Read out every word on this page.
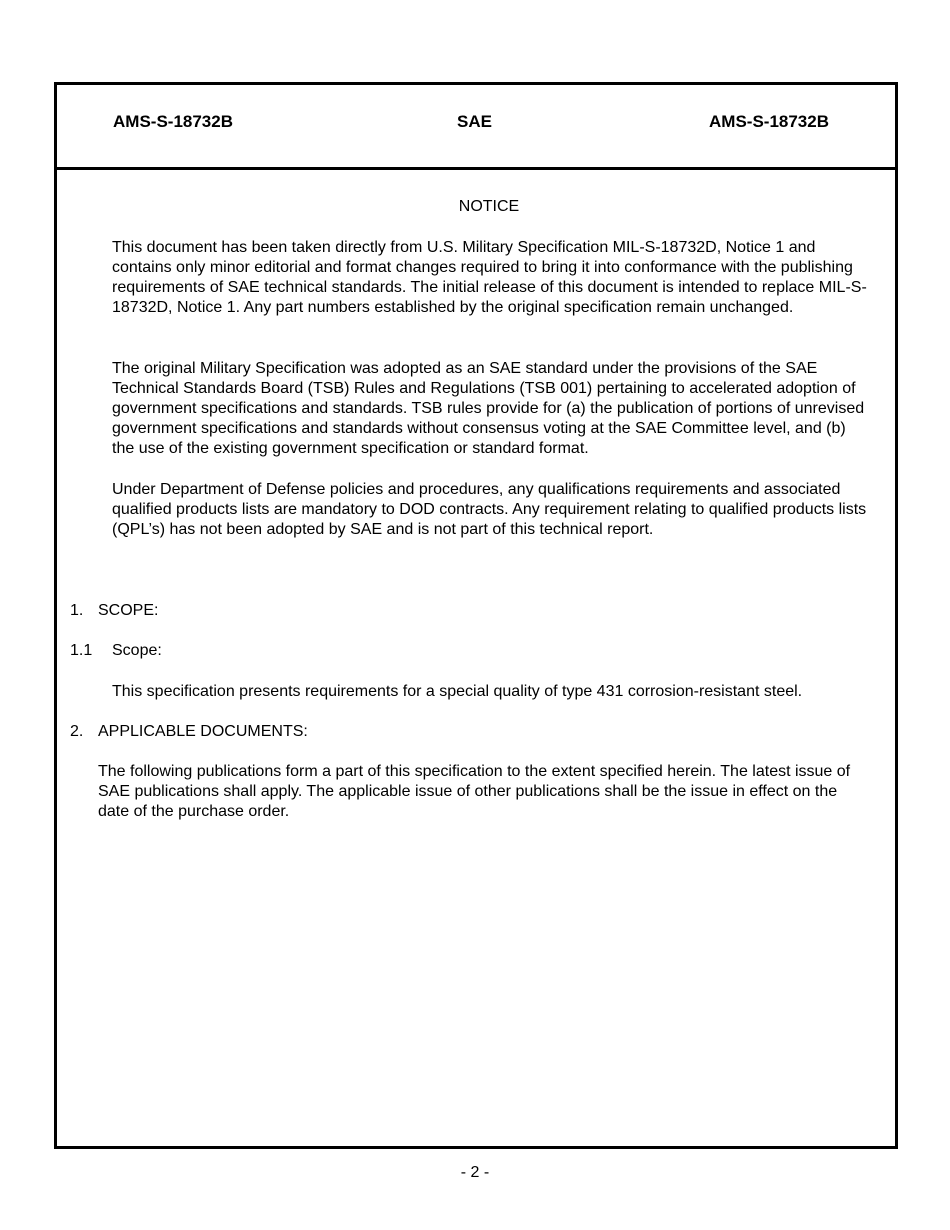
AMS-S-18732B	SAE	AMS-S-18732B
NOTICE

This document has been taken directly from U.S. Military Specification MIL-S-18732D, Notice 1 and contains only minor editorial and format changes required to bring it into conformance with the publishing requirements of SAE technical standards. The initial release of this document is intended to replace MIL-S-18732D, Notice 1. Any part numbers established by the original specification remain unchanged.

The original Military Specification was adopted as an SAE standard under the provisions of the SAE Technical Standards Board (TSB) Rules and Regulations (TSB 001) pertaining to accelerated adoption of government specifications and standards. TSB rules provide for (a) the publication of portions of unrevised government specifications and standards without consensus voting at the SAE Committee level, and (b) the use of the existing government specification or standard format.

Under Department of Defense policies and procedures, any qualifications requirements and associated qualified products lists are mandatory to DOD contracts. Any requirement relating to qualified products lists (QPL’s) has not been adopted by SAE and is not part of this technical report.

1. SCOPE:
1.1 Scope:
This specification presents requirements for a special quality of type 431 corrosion-resistant steel.
2. APPLICABLE DOCUMENTS:

The following publications form a part of this specification to the extent specified herein. The latest issue of SAE publications shall apply. The applicable issue of other publications shall be the issue in effect on the date of the purchase order.

- 2 -
